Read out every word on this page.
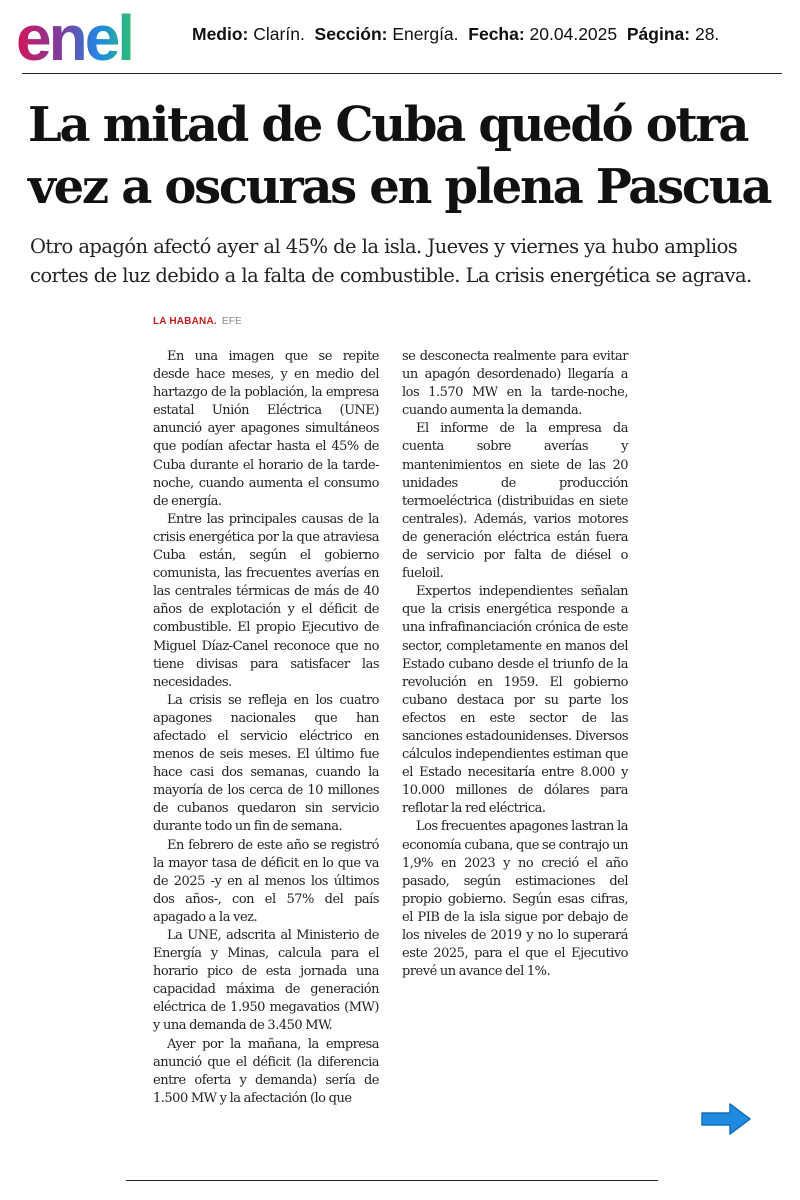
enel	Medio: Clarín. Sección: Energía. Fecha: 20.04.2025 Página: 28.
La mitad de Cuba quedó otra vez a oscuras en plena Pascua

Otro apagón afectó ayer al 45% de la isla. Jueves y viernes ya hubo amplios cortes de luz debido a la falta de combustible. La crisis energética se agrava.

LA HABANA. EFE

En una imagen que se repite desde hace meses, y en medio del hartazgo de la población, la empresa estatal Unión Eléctrica (UNE) anunció ayer apagones simultáneos que podían afectar hasta el 45% de Cuba durante el horario de la tarde-noche, cuando aumenta el consumo de energía.

Entre las principales causas de la crisis energética por la que atraviesa Cuba están, según el gobierno comunista, las frecuentes averías en las centrales térmicas de más de 40 años de explotación y el déficit de combustible. El propio Ejecutivo de Miguel Díaz-Canel reconoce que no tiene divisas para satisfacer las necesidades.

La crisis se refleja en los cuatro apagones nacionales que han afectado el servicio eléctrico en menos de seis meses. El último fue hace casi dos semanas, cuando la mayoría de los cerca de 10 millones de cubanos quedaron sin servicio durante todo un fin de semana.

En febrero de este año se registró la mayor tasa de déficit en lo que va de 2025 -y en al menos los últimos dos años-, con el 57% del país apagado a la vez.

La UNE, adscrita al Ministerio de Energía y Minas, calcula para el horario pico de esta jornada una capacidad máxima de generación eléctrica de 1.950 megavatios (MW) y una demanda de 3.450 MW.

Ayer por la mañana, la empresa anunció que el déficit (la diferencia entre oferta y demanda) sería de 1.500 MW y la afectación (lo que

se desconecta realmente para evitar un apagón desordenado) llegaría a los 1.570 MW en la tarde-noche, cuando aumenta la demanda.

El informe de la empresa da cuenta sobre averías y mantenimientos en siete de las 20 unidades de producción termoeléctrica (distribuidas en siete centrales). Además, varios motores de generación eléctrica están fuera de servicio por falta de diésel o fueloil.

Expertos independientes señalan que la crisis energética responde a una infrafinanciación crónica de este sector, completamente en manos del Estado cubano desde el triunfo de la revolución en 1959. El gobierno cubano destaca por su parte los efectos en este sector de las sanciones estadounidenses. Diversos cálculos independientes estiman que el Estado necesitaría entre 8.000 y 10.000 millones de dólares para reflotar la red eléctrica.

Los frecuentes apagones lastran la economía cubana, que se contrajo un 1,9% en 2023 y no creció el año pasado, según estimaciones del propio gobierno. Según esas cifras, el PIB de la isla sigue por debajo de los niveles de 2019 y no lo superará este 2025, para el que el Ejecutivo prevé un avance del 1%.
